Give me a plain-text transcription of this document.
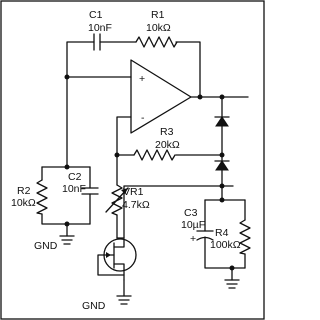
C1
10nF
R1
10kΩ
+
-
R3
20kΩ
C2
10nF
R2
10kΩ
GND
VR1
4.7kΩ
GND
C3
10µF
+ R4
100kΩ
